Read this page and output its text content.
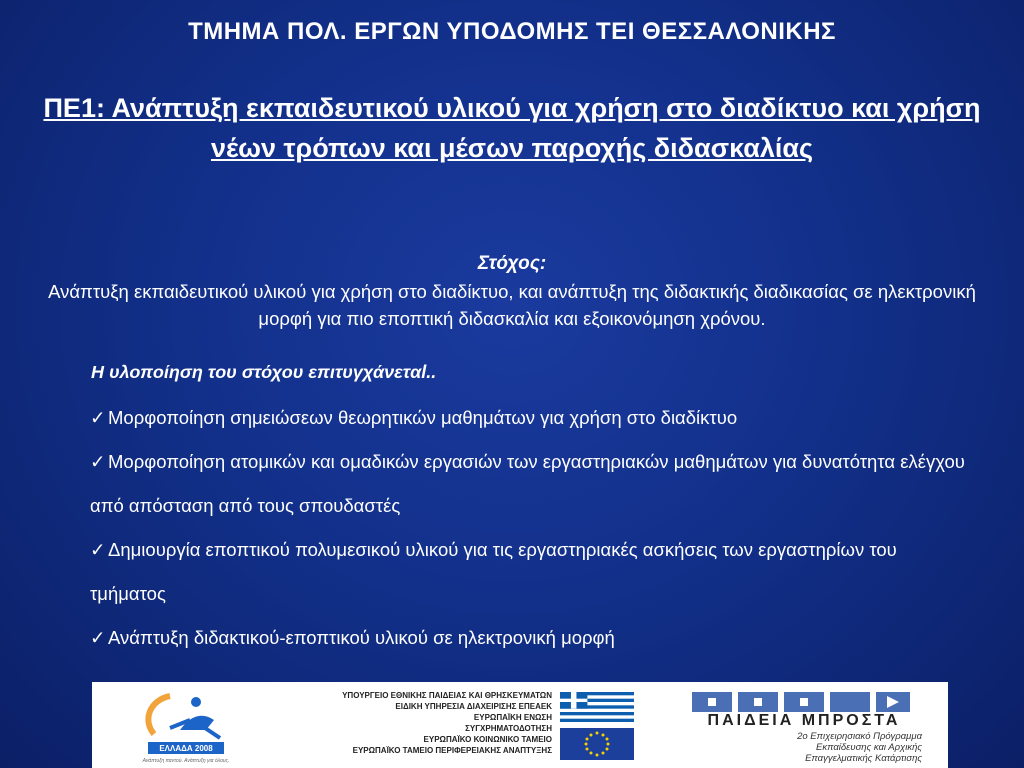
ΤΜΗΜΑ ΠΟΛ. ΕΡΓΩΝ ΥΠΟΔΟΜΗΣ ΤΕΙ ΘΕΣΣΑΛΟΝΙΚΗΣ
ΠΕ1: Ανάπτυξη εκπαιδευτικού υλικού για χρήση στο διαδίκτυο και χρήση νέων τρόπων και μέσων παροχής διδασκαλίας
Στόχος:
Ανάπτυξη εκπαιδευτικού υλικού για χρήση στο διαδίκτυο, και ανάπτυξη της διδακτικής διαδικασίας σε ηλεκτρονική μορφή για πιο εποπτική διδασκαλία και εξοικονόμηση χρόνου.
Η υλοποίηση του στόχου επιτυγχάνεταl..
✓ Μορφοποίηση σημειώσεων θεωρητικών μαθημάτων για χρήση στο διαδίκτυο
✓ Μορφοποίηση ατομικών και ομαδικών εργασιών των εργαστηριακών μαθημάτων για δυνατότητα ελέγχου από απόσταση από τους σπουδαστές
✓ Δημιουργία εποπτικού πολυμεσικού υλικού για τις εργαστηριακές ασκήσεις των εργαστηρίων του τμήματος
✓ Ανάπτυξη διδακτικού-εποπτικού υλικού σε ηλεκτρονική μορφή
ΕΛΛΑΔΑ 2008
Ανάπτυξη παντού. Ανάπτυξη για όλους.
ΥΠΟΥΡΓΕΙΟ ΕΘΝΙΚΗΣ ΠΑΙΔΕΙΑΣ ΚΑΙ ΘΡΗΣΚΕΥΜΑΤΩΝ
ΕΙΔΙΚΗ ΥΠΗΡΕΣΙΑ ΔΙΑΧΕΙΡΙΣΗΣ ΕΠΕΑΕΚ
ΕΥΡΩΠΑΪΚΗ ΕΝΩΣΗ
ΣΥΓΧΡΗΜΑΤΟΔΟΤΗΣΗ
ΕΥΡΩΠΑΪΚΟ ΚΟΙΝΩΝΙΚΟ ΤΑΜΕΙΟ
ΕΥΡΩΠΑΪΚΟ ΤΑΜΕΙΟ ΠΕΡΙΦΕΡΕΙΑΚΗΣ ΑΝΑΠΤΥΞΗΣ
ΠΑΙΔΕΙΑ ΜΠΡΟΣΤΑ
2ο Επιχειρησιακό Πρόγραμμα
Εκπαίδευσης και Αρχικής
Επαγγελματικής Κατάρτισης
